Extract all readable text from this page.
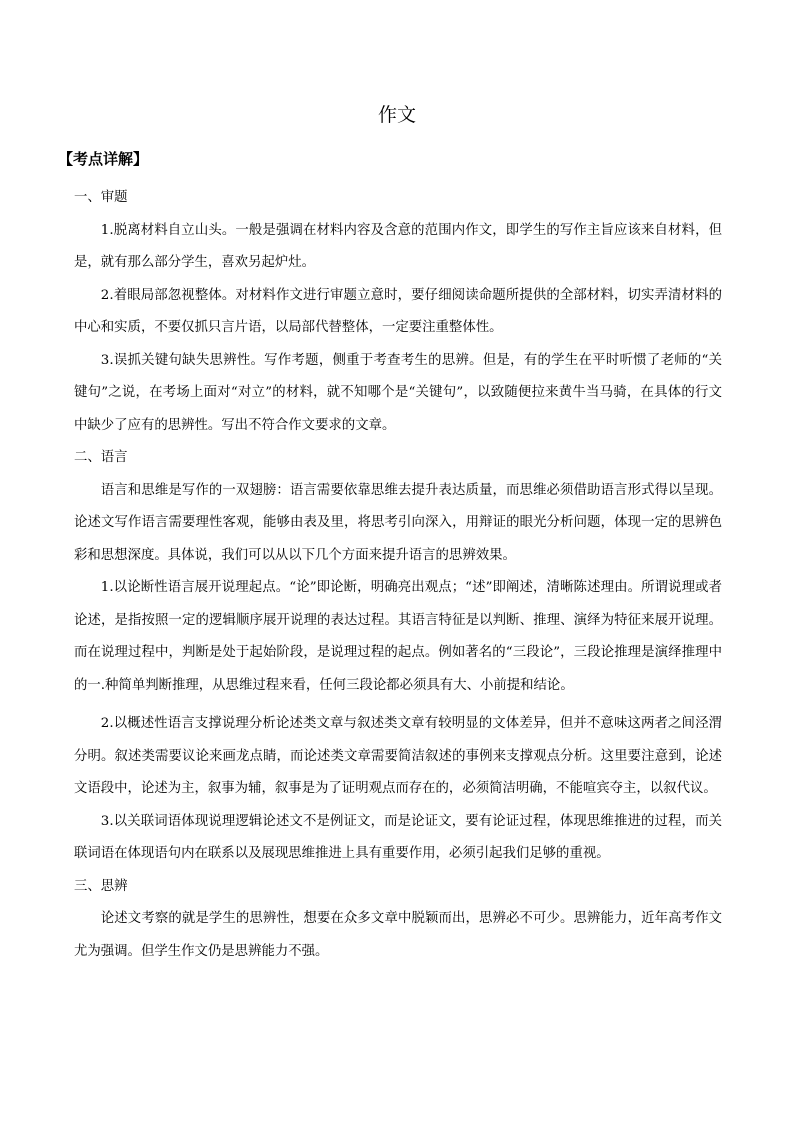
作文
【考点详解】
一、审题

1.脱离材料自立山头。一般是强调在材料内容及含意的范围内作文，即学生的写作主旨应该来自材料，但是，就有那么部分学生，喜欢另起炉灶。

2.着眼局部忽视整体。对材料作文进行审题立意时，要仔细阅读命题所提供的全部材料，切实弄清材料的中心和实质，不要仅抓只言片语，以局部代替整体，一定要注重整体性。

3.误抓关键句缺失思辨性。写作考题，侧重于考查考生的思辨。但是，有的学生在平时听惯了老师的“关键句”之说，在考场上面对“对立”的材料，就不知哪个是“关键句”，以致随便拉来黄牛当马骑，在具体的行文中缺少了应有的思辨性。写出不符合作文要求的文章。

二、语言

语言和思维是写作的一双翅膀：语言需要依靠思维去提升表达质量，而思维必须借助语言形式得以呈现。论述文写作语言需要理性客观，能够由表及里，将思考引向深入，用辩证的眼光分析问题，体现一定的思辨色彩和思想深度。具体说，我们可以从以下几个方面来提升语言的思辨效果。

1.以论断性语言展开说理起点。“论”即论断，明确亮出观点；“述”即阐述，清晰陈述理由。所谓说理或者论述，是指按照一定的逻辑顺序展开说理的表达过程。其语言特征是以判断、推理、演绎为特征来展开说理。而在说理过程中，判断是处于起始阶段，是说理过程的起点。例如著名的“三段论”，三段论推理是演绎推理中的一.种简单判断推理，从思维过程来看，任何三段论都必须具有大、小前提和结论。

2.以概述性语言支撑说理分析论述类文章与叙述类文章有较明显的文体差异，但并不意味这两者之间泾渭分明。叙述类需要议论来画龙点睛，而论述类文章需要简洁叙述的事例来支撑观点分析。这里要注意到，论述文语段中，论述为主，叙事为辅，叙事是为了证明观点而存在的，必须简洁明确，不能喧宾夺主，以叙代议。

3.以关联词语体现说理逻辑论述文不是例证文，而是论证文，要有论证过程，体现思维推进的过程，而关联词语在体现语句内在联系以及展现思维推进上具有重要作用，必须引起我们足够的重视。

三、思辨

论述文考察的就是学生的思辨性，想要在众多文章中脱颖而出，思辨必不可少。思辨能力，近年高考作文尤为强调。但学生作文仍是思辨能力不强。
